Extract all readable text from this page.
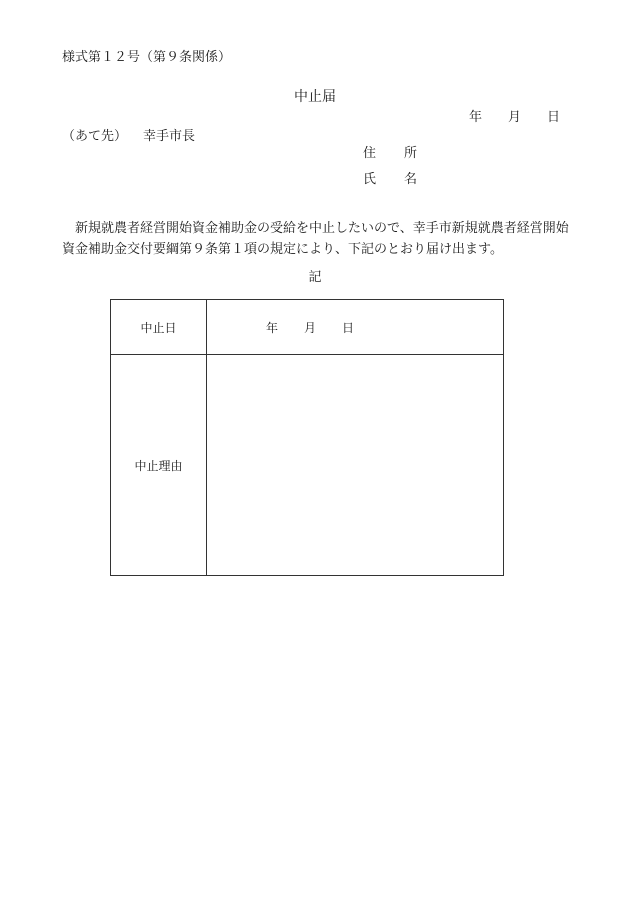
様式第１２号（第９条関係）
中止届
年 月 日
（あて先） 幸手市長
住 所
氏 名
新規就農者経営開始資金補助金の受給を中止したいので、幸手市新規就農者経営開始資金補助金交付要綱第９条第１項の規定により、下記のとおり届け出ます。
記
中止日	年 月 日
中止理由	
